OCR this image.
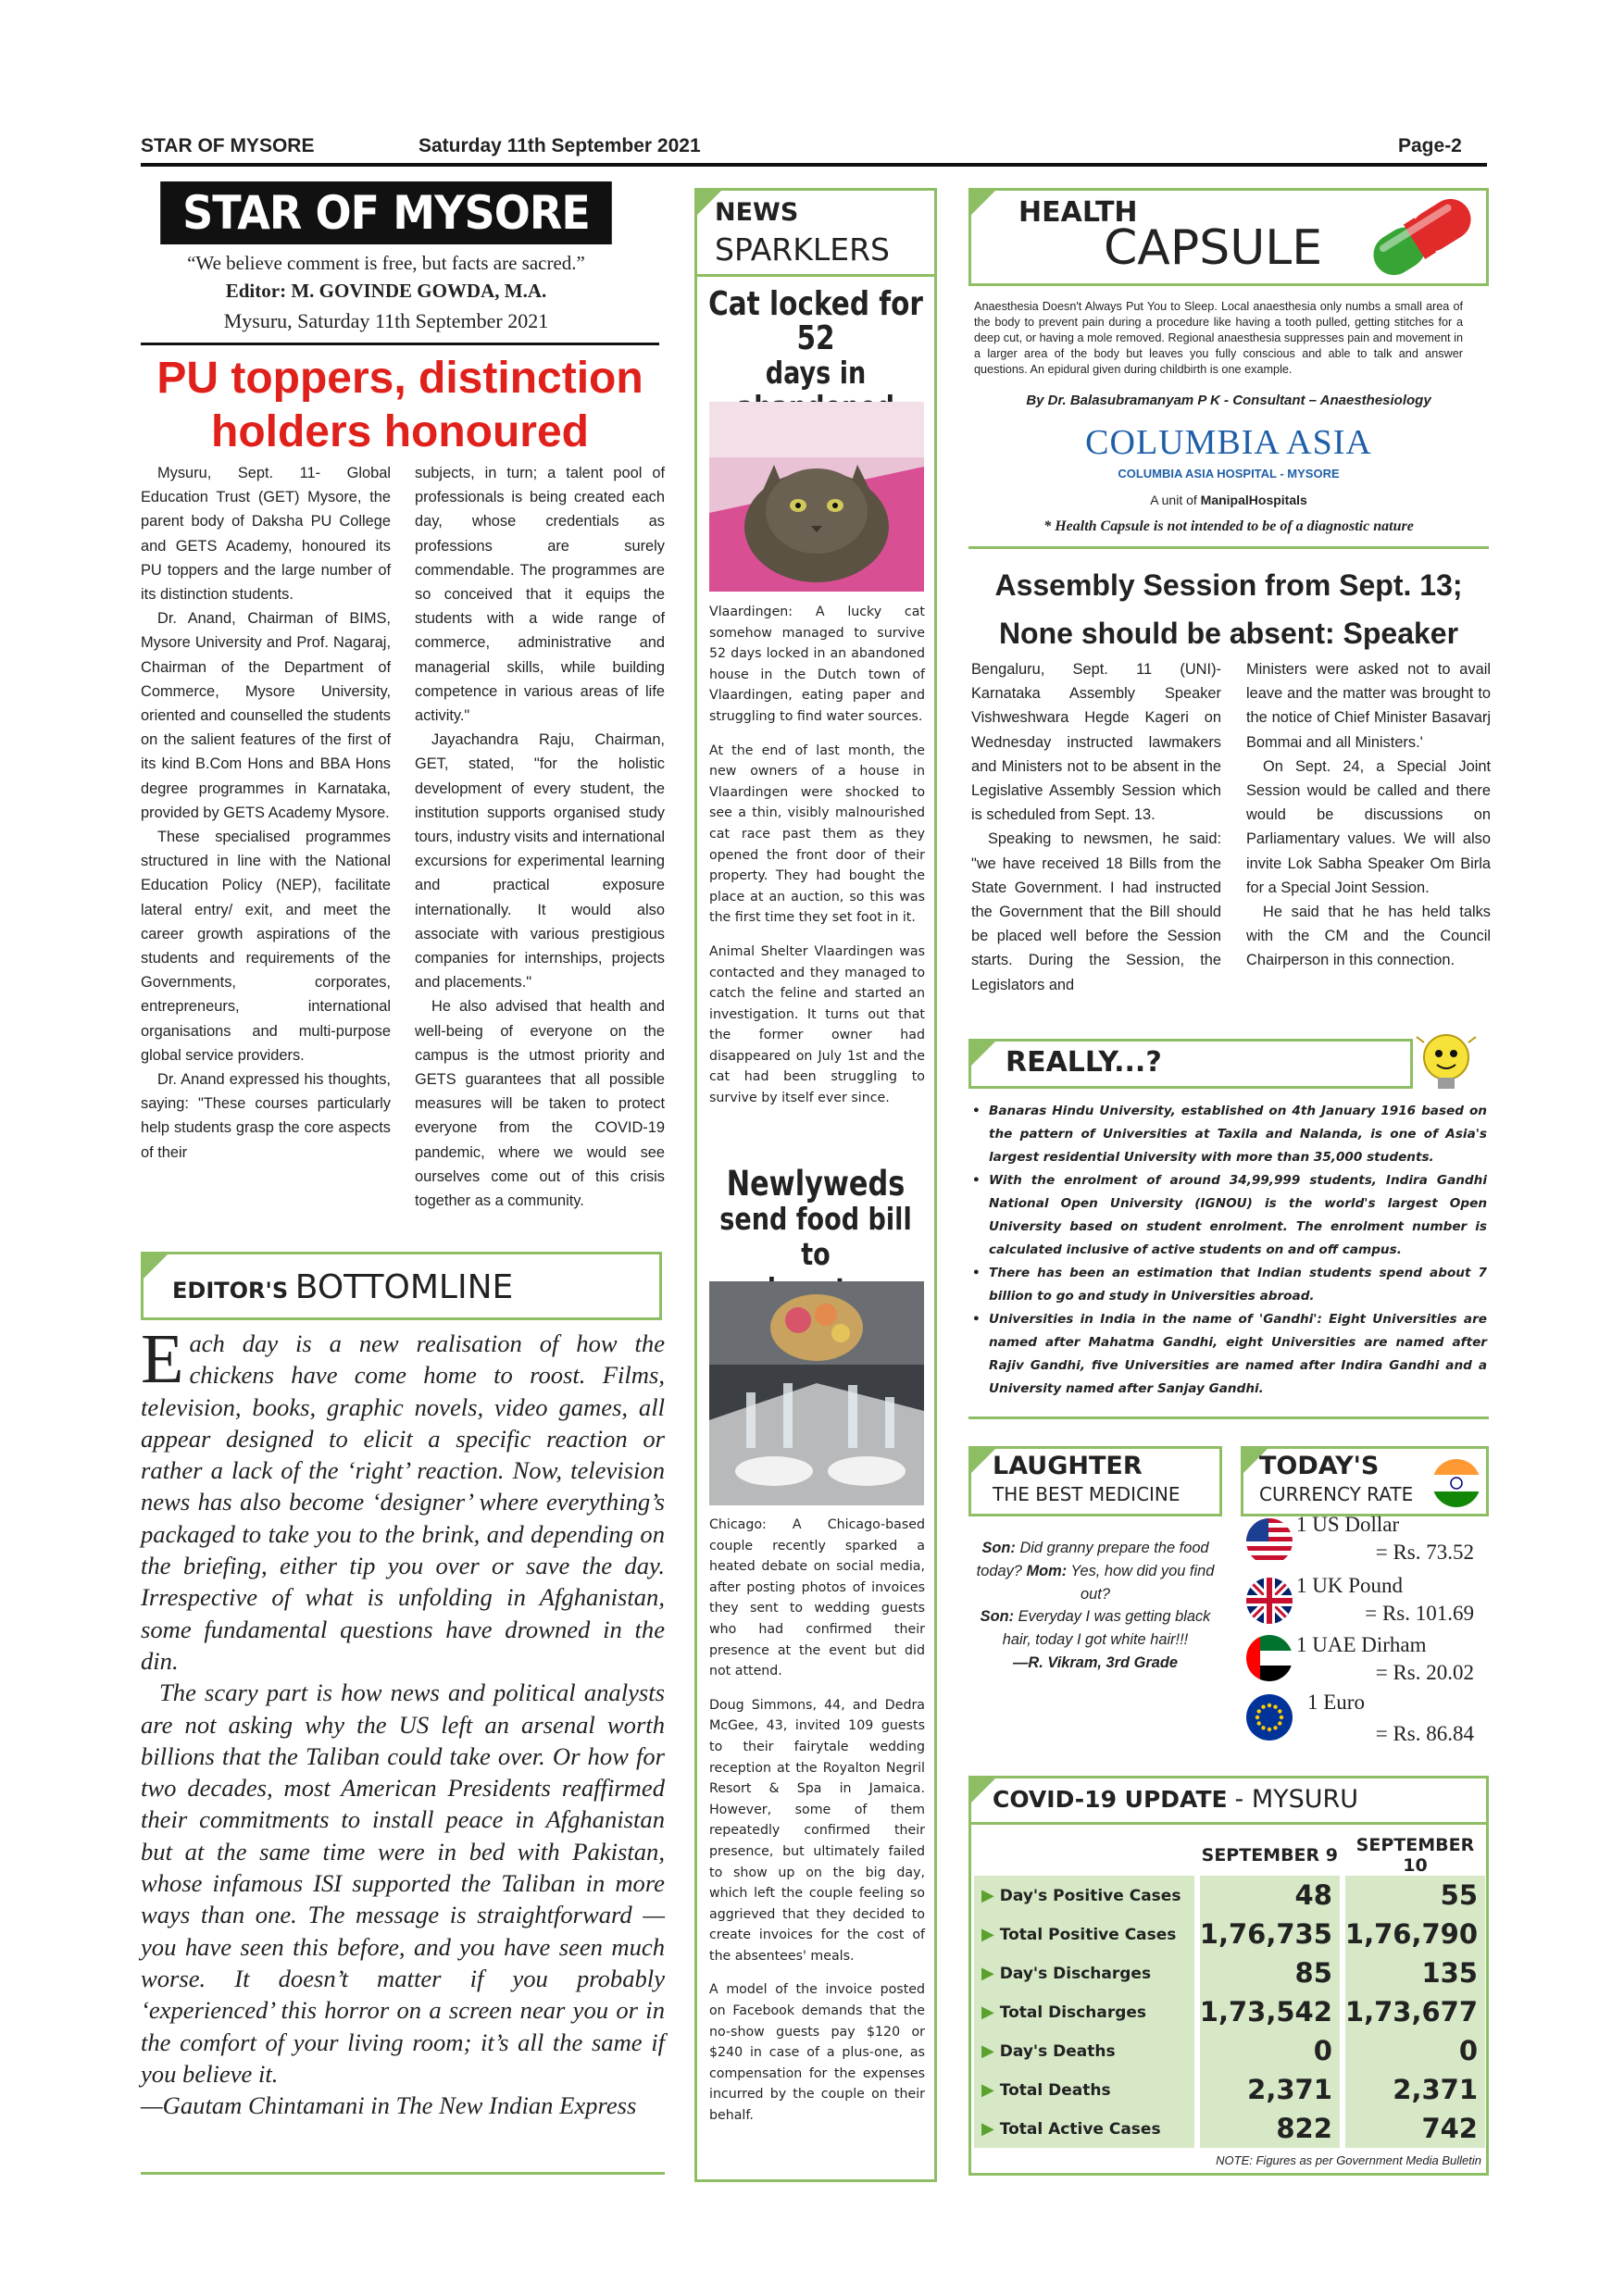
STAR OF MYSORE	Saturday 11th September 2021	Page-2
STAR OF MYSORE
“We believe comment is free, but facts are sacred.”
Editor: M. GOVINDE GOWDA, M.A.
Mysuru, Saturday 11th September 2021
PU toppers, distinction
holders honoured

Mysuru, Sept. 11- Global Education Trust (GET) Mysore, the parent body of Daksha PU College and GETS Academy, honoured its PU toppers and the large number of its distinction students.

Dr. Anand, Chairman of BIMS, Mysore University and Prof. Nagaraj, Chairman of the Department of Commerce, Mysore University, oriented and counselled the students on the salient features of the first of its kind B.Com Hons and BBA Hons degree programmes in Karnataka, provided by GETS Academy Mysore.

These specialised programmes structured in line with the National Education Policy (NEP), facilitate lateral entry/ exit, and meet the career growth aspirations of the students and requirements of the Governments, corporates, entrepreneurs, international organisations and multi-purpose global service providers.

Dr. Anand expressed his thoughts, saying: "These courses particularly help students grasp the core aspects of their

subjects, in turn; a talent pool of professionals is being created each day, whose credentials as professions are surely commendable. The programmes are so conceived that it equips the students with a wide range of commerce, administrative and managerial skills, while building competence in various areas of life activity."

Jayachandra Raju, Chairman, GET, stated, "for the holistic development of every student, the institution supports organised study tours, industry visits and international excursions for experimental learning and practical exposure internationally. It would also associate with various prestigious companies for internships, projects and placements."

He also advised that health and well-being of everyone on the campus is the utmost priority and GETS guarantees that all possible measures will be taken to protect everyone from the COVID-19 pandemic, where we would see ourselves come out of this crisis together as a community.

EDITOR'S BOTTOMLINE

Each day is a new realisation of how the chickens have come home to roost. Films, television, books, graphic novels, video games, all appear designed to elicit a specific reaction or rather a lack of the ‘right’ reaction. Now, television news has also become ‘designer’ where everything’s packaged to take you to the brink, and depending on the briefing, either tip you over or save the day. Irrespective of what is unfolding in Afghanistan, some fundamental questions have drowned in the din.

The scary part is how news and political analysts are not asking why the US left an arsenal worth billions that the Taliban could take over. Or how for two decades, most American Presidents reaffirmed their commitments to install peace in Afghanistan but at the same time were in bed with Pakistan, whose infamous ISI supported the Taliban in more ways than one. The message is straightforward — you have seen this before, and you have seen much worse. It doesn’t matter if you probably ‘experienced’ this horror on a screen near you or in the comfort of your living room; it’s all the same if you believe it.

—Gautam Chintamani in The New Indian Express

NEWS
SPARKLERS
Cat locked for 52
days in

Vlaardingen: A lucky cat somehow managed to survive 52 days locked in an abandoned house in the Dutch town of Vlaardingen, eating paper and struggling to find water sources.

At the end of last month, the new owners of a house in Vlaardingen were shocked to see a thin, visibly malnourished cat race past them as they opened the front door of their property. They had bought the place at an auction, so this was the first time they set foot in it.

Animal Shelter Vlaardingen was contacted and they managed to catch the feline and started an investigation. It turns out that the former owner had disappeared on July 1st and the cat had been struggling to survive by itself ever since.

Newlyweds
send food bill to

Chicago: A Chicago-based couple recently sparked a heated debate on social media, after posting photos of invoices they sent to wedding guests who had confirmed their presence at the event but did not attend.

Doug Simmons, 44, and Dedra McGee, 43, invited 109 guests to their fairytale wedding reception at the Royalton Negril Resort & Spa in Jamaica. However, some of them repeatedly confirmed their presence, but ultimately failed to show up on the big day, which left the couple feeling so aggrieved that they decided to create invoices for the cost of the absentees' meals.

A model of the invoice posted on Facebook demands that the no-show guests pay $120 or $240 in case of a plus-one, as compensation for the expenses incurred by the couple on their behalf.

HEALTH
CAPSULE
Anaesthesia Doesn't Always Put You to Sleep. Local anaesthesia only numbs a small area of the body to prevent pain during a procedure like having a tooth pulled, getting stitches for a deep cut, or having a mole removed. Regional anaesthesia suppresses pain and movement in a larger area of the body but leaves you fully conscious and able to talk and answer questions. An epidural given during childbirth is one example.
By Dr. Balasubramanyam P K - Consultant – Anaesthesiology
COLUMBIA ASIA
COLUMBIA ASIA HOSPITAL - MYSORE
A unit of ManipalHospitals
* Health Capsule is not intended to be of a diagnostic nature
Assembly Session from Sept. 13;
None should be absent: Speaker

Bengaluru, Sept. 11 (UNI)- Karnataka Assembly Speaker Vishweshwara Hegde Kageri on Wednesday instructed lawmakers and Ministers not to be absent in the Legislative Assembly Session which is scheduled from Sept. 13.

Speaking to newsmen, he said: "we have received 18 Bills from the State Government. I had instructed the Government that the Bill should be placed well before the Session starts. During the Session, the Legislators and

Ministers were asked not to avail leave and the matter was brought to the notice of Chief Minister Basavarj Bommai and all Ministers.'

On Sept. 24, a Special Joint Session would be called and there would be discussions on Parliamentary values. We will also invite Lok Sabha Speaker Om Birla for a Special Joint Session.

He said that he has held talks with the CM and the Council Chairperson in this connection.

REALLY...?
• Banaras Hindu University, established on 4th January 1916 based on the pattern of Universities at Taxila and Nalanda, is one of Asia's largest residential University with more than 35,000 students.
• With the enrolment of around 34,99,999 students, Indira Gandhi National Open University (IGNOU) is the world's largest Open University based on student enrolment. The enrolment number is calculated inclusive of active students on and off campus.
• There has been an estimation that Indian students spend about 7 billion to go and study in Universities abroad.
• Universities in India in the name of 'Gandhi': Eight Universities are named after Mahatma Gandhi, eight Universities are named after Rajiv Gandhi, five Universities are named after Indira Gandhi and a University named after Sanjay Gandhi.
LAUGHTER
THE BEST MEDICINE
Son: Did granny prepare the food today? Mom: Yes, how did you find out?
Son: Everyday I was getting black hair, today I got white hair!!!
—R. Vikram, 3rd Grade
TODAY'S
CURRENCY RATE
1 US Dollar
= Rs. 73.52
1 UK Pound
= Rs. 101.69
1 UAE Dirham
= Rs. 20.02
1 Euro
= Rs. 86.84
COVID-19 UPDATE - MYSURU
	SEPTEMBER 9	SEPTEMBER 10
▶ Day's Positive Cases	48	55
▶ Total Positive Cases	1,76,735	1,76,790
▶ Day's Discharges	85	135
▶ Total Discharges	1,73,542	1,73,677
▶ Day's Deaths	0	0
▶ Total Deaths	2,371	2,371
▶ Total Active Cases	822	742
NOTE: Figures as per Government Media Bulletin
